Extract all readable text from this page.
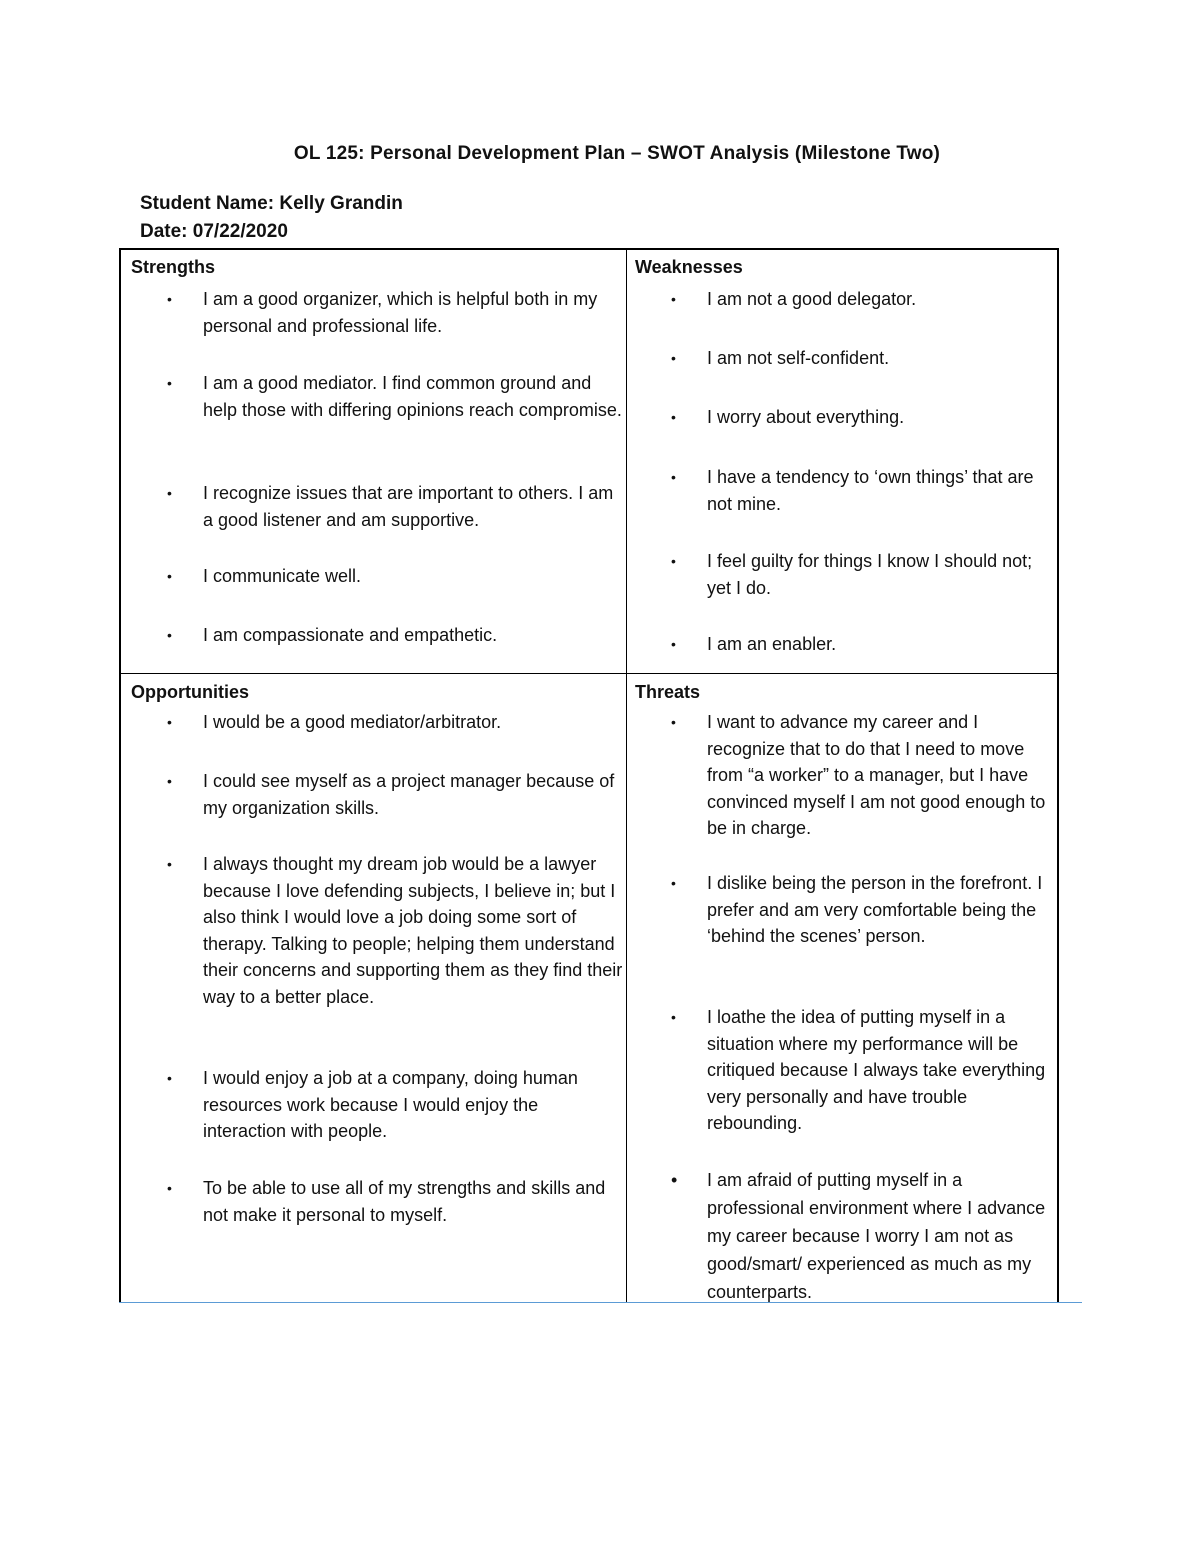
OL 125: Personal Development Plan – SWOT Analysis (Milestone Two)
Student Name: Kelly Grandin
Date: 07/22/2020
Strengths
• I am a good organizer, which is helpful both in my personal and professional life.
• I am a good mediator. I find common ground and help those with differing opinions reach compromise.
• I recognize issues that are important to others. I am a good listener and am supportive.
• I communicate well.
• I am compassionate and empathetic.
Weaknesses
• I am not a good delegator.
• I am not self-confident.
• I worry about everything.
• I have a tendency to ‘own things’ that are not mine.
• I feel guilty for things I know I should not; yet I do.
• I am an enabler.
Opportunities
• I would be a good mediator/arbitrator.
• I could see myself as a project manager because of my organization skills.
• I always thought my dream job would be a lawyer because I love defending subjects, I believe in; but I also think I would love a job doing some sort of therapy. Talking to people; helping them understand their concerns and supporting them as they find their way to a better place.
• I would enjoy a job at a company, doing human resources work because I would enjoy the interaction with people.
• To be able to use all of my strengths and skills and not make it personal to myself.
Threats
• I want to advance my career and I recognize that to do that I need to move from “a worker” to a manager, but I have convinced myself I am not good enough to be in charge.
• I dislike being the person in the forefront. I prefer and am very comfortable being the ‘behind the scenes’ person.
• I loathe the idea of putting myself in a situation where my performance will be critiqued because I always take everything very personally and have trouble rebounding.
• I am afraid of putting myself in a professional environment where I advance my career because I worry I am not as good/smart/ experienced as much as my counterparts.
